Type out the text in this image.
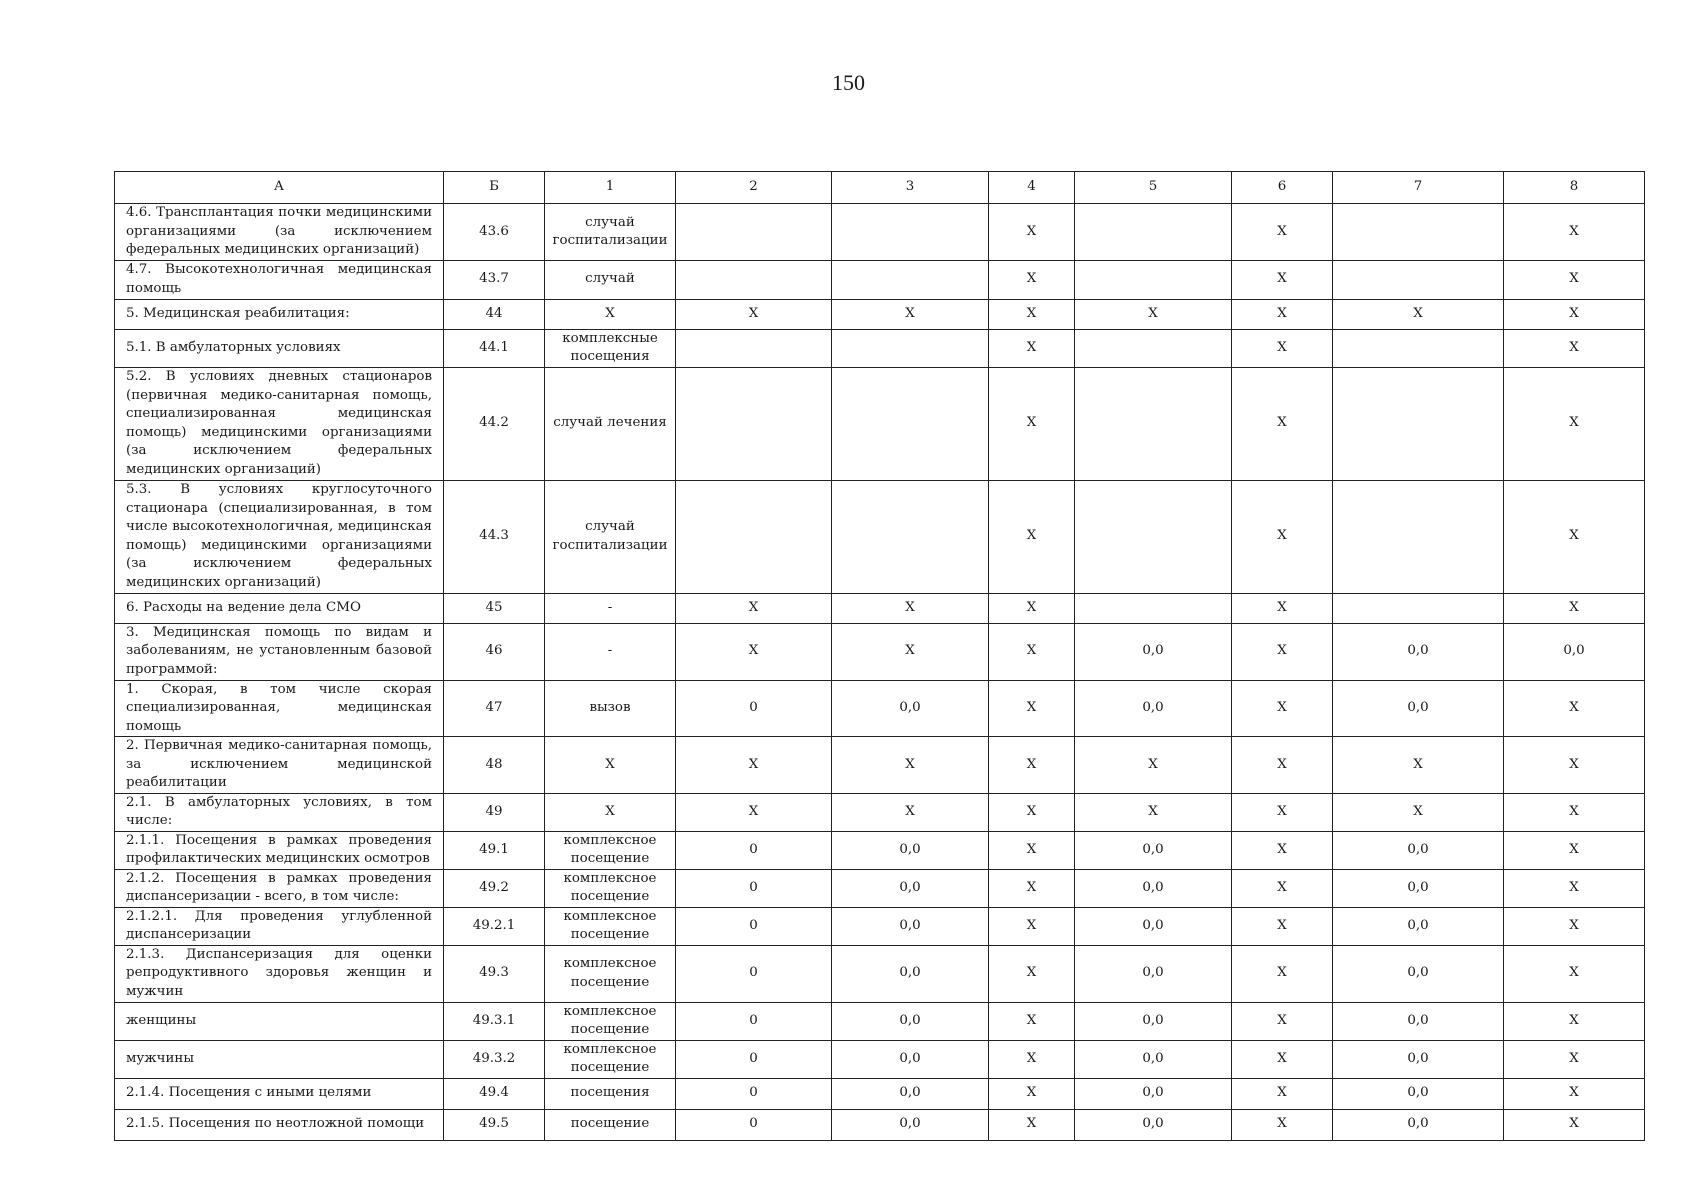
150
А	Б	1	2	3	4	5	6	7	8
4.6. Трансплантация почки медицинскими организациями (за исключением федеральных медицинских организаций)	43.6	случай госпитализации			Х		Х		Х
4.7. Высокотехнологичная медицинская помощь	43.7	случай			Х		Х		Х
5. Медицинская реабилитация:	44	Х	Х	Х	Х	Х	Х	Х	Х
5.1. В амбулаторных условиях	44.1	комплексные посещения			Х		Х		Х
5.2. В условиях дневных стационаров (первичная медико-санитарная помощь, специализированная медицинская помощь) медицинскими организациями (за исключением федеральных медицинских организаций)	44.2	случай лечения			Х		Х		Х
5.3. В условиях круглосуточного стационара (специализированная, в том числе высокотехнологичная, медицинская помощь) медицинскими организациями (за исключением федеральных медицинских организаций)	44.3	случай госпитализации			Х		Х		Х
6. Расходы на ведение дела СМО	45	-	Х	Х	Х		Х		Х
3. Медицинская помощь по видам и заболеваниям, не установленным базовой программой:	46	-	Х	Х	Х	0,0	Х	0,0	0,0
1. Скорая, в том числе скорая специализированная, медицинская помощь	47	вызов	0	0,0	Х	0,0	Х	0,0	Х
2. Первичная медико-санитарная помощь, за исключением медицинской реабилитации	48	Х	Х	Х	Х	Х	Х	Х	Х
2.1. В амбулаторных условиях, в том числе:	49	Х	Х	Х	Х	Х	Х	Х	Х
2.1.1. Посещения в рамках проведения профилактических медицинских осмотров	49.1	комплексное посещение	0	0,0	Х	0,0	Х	0,0	Х
2.1.2. Посещения в рамках проведения диспансеризации - всего, в том числе:	49.2	комплексное посещение	0	0,0	Х	0,0	Х	0,0	Х
2.1.2.1. Для проведения углубленной диспансеризации	49.2.1	комплексное посещение	0	0,0	Х	0,0	Х	0,0	Х
2.1.3. Диспансеризация для оценки репродуктивного здоровья женщин и мужчин	49.3	комплексное посещение	0	0,0	Х	0,0	Х	0,0	Х
женщины	49.3.1	комплексное посещение	0	0,0	Х	0,0	Х	0,0	Х
мужчины	49.3.2	комплексное посещение	0	0,0	Х	0,0	Х	0,0	Х
2.1.4. Посещения с иными целями	49.4	посещения	0	0,0	Х	0,0	Х	0,0	Х
2.1.5. Посещения по неотложной помощи	49.5	посещение	0	0,0	Х	0,0	Х	0,0	Х
